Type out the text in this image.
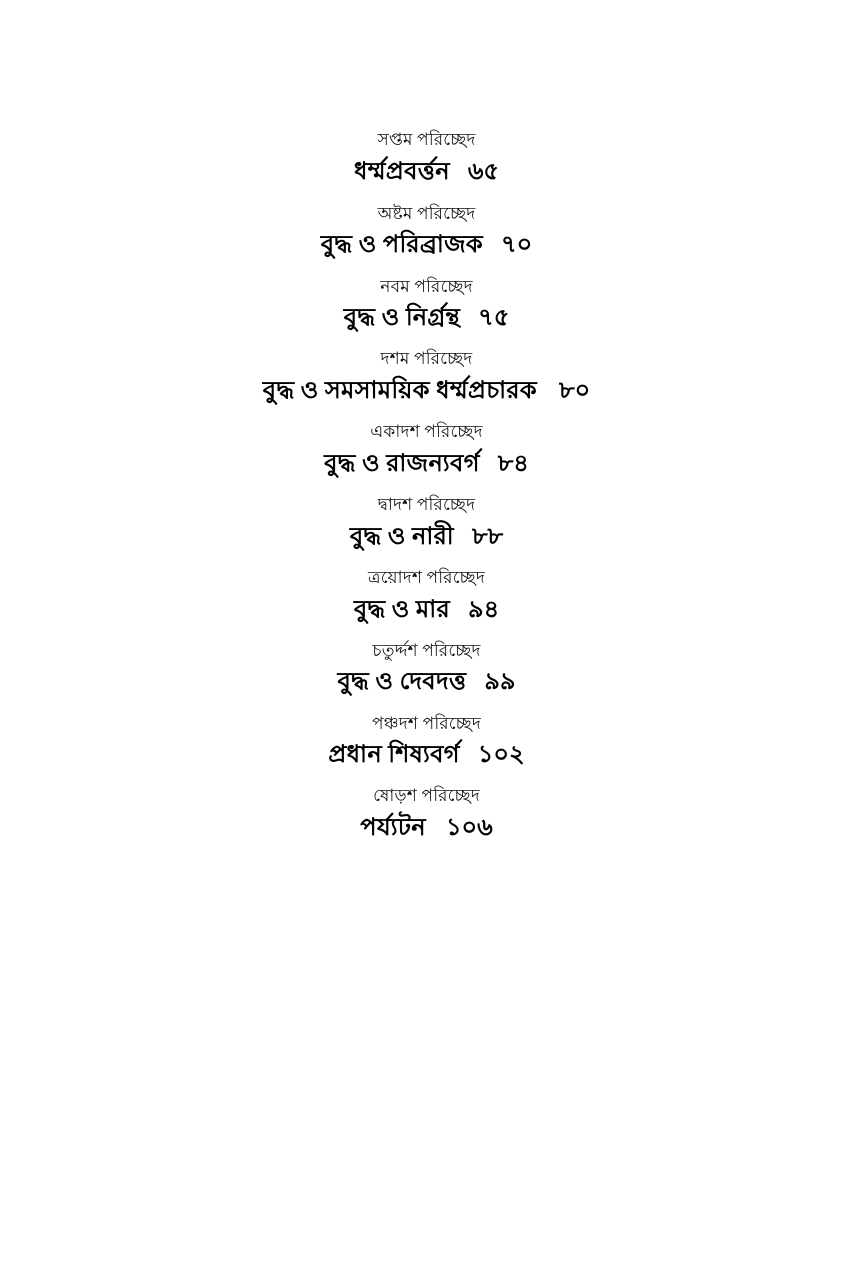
সপ্তম পরিচ্ছেদ
ধর্ম্মপ্রবর্ত্তন ৬৫
অষ্টম পরিচ্ছেদ
বুদ্ধ ও পরিব্রাজক ৭০
নবম পরিচ্ছেদ
বুদ্ধ ও নির্গ্রন্থ ৭৫
দশম পরিচ্ছেদ
বুদ্ধ ও সমসাময়িক ধর্ম্মপ্রচারক ৮০
একাদশ পরিচ্ছেদ
বুদ্ধ ও রাজন্যবর্গ ৮৪
দ্বাদশ পরিচ্ছেদ
বুদ্ধ ও নারী ৮৮
ত্রয়োদশ পরিচ্ছেদ
বুদ্ধ ও মার ৯৪
চতুর্দ্দশ পরিচ্ছেদ
বুদ্ধ ও দেবদত্ত ৯৯
পঞ্চদশ পরিচ্ছেদ
প্রধান শিষ্যবর্গ ১০২
ষোড়শ পরিচ্ছেদ
পর্য্যটন ১০৬
